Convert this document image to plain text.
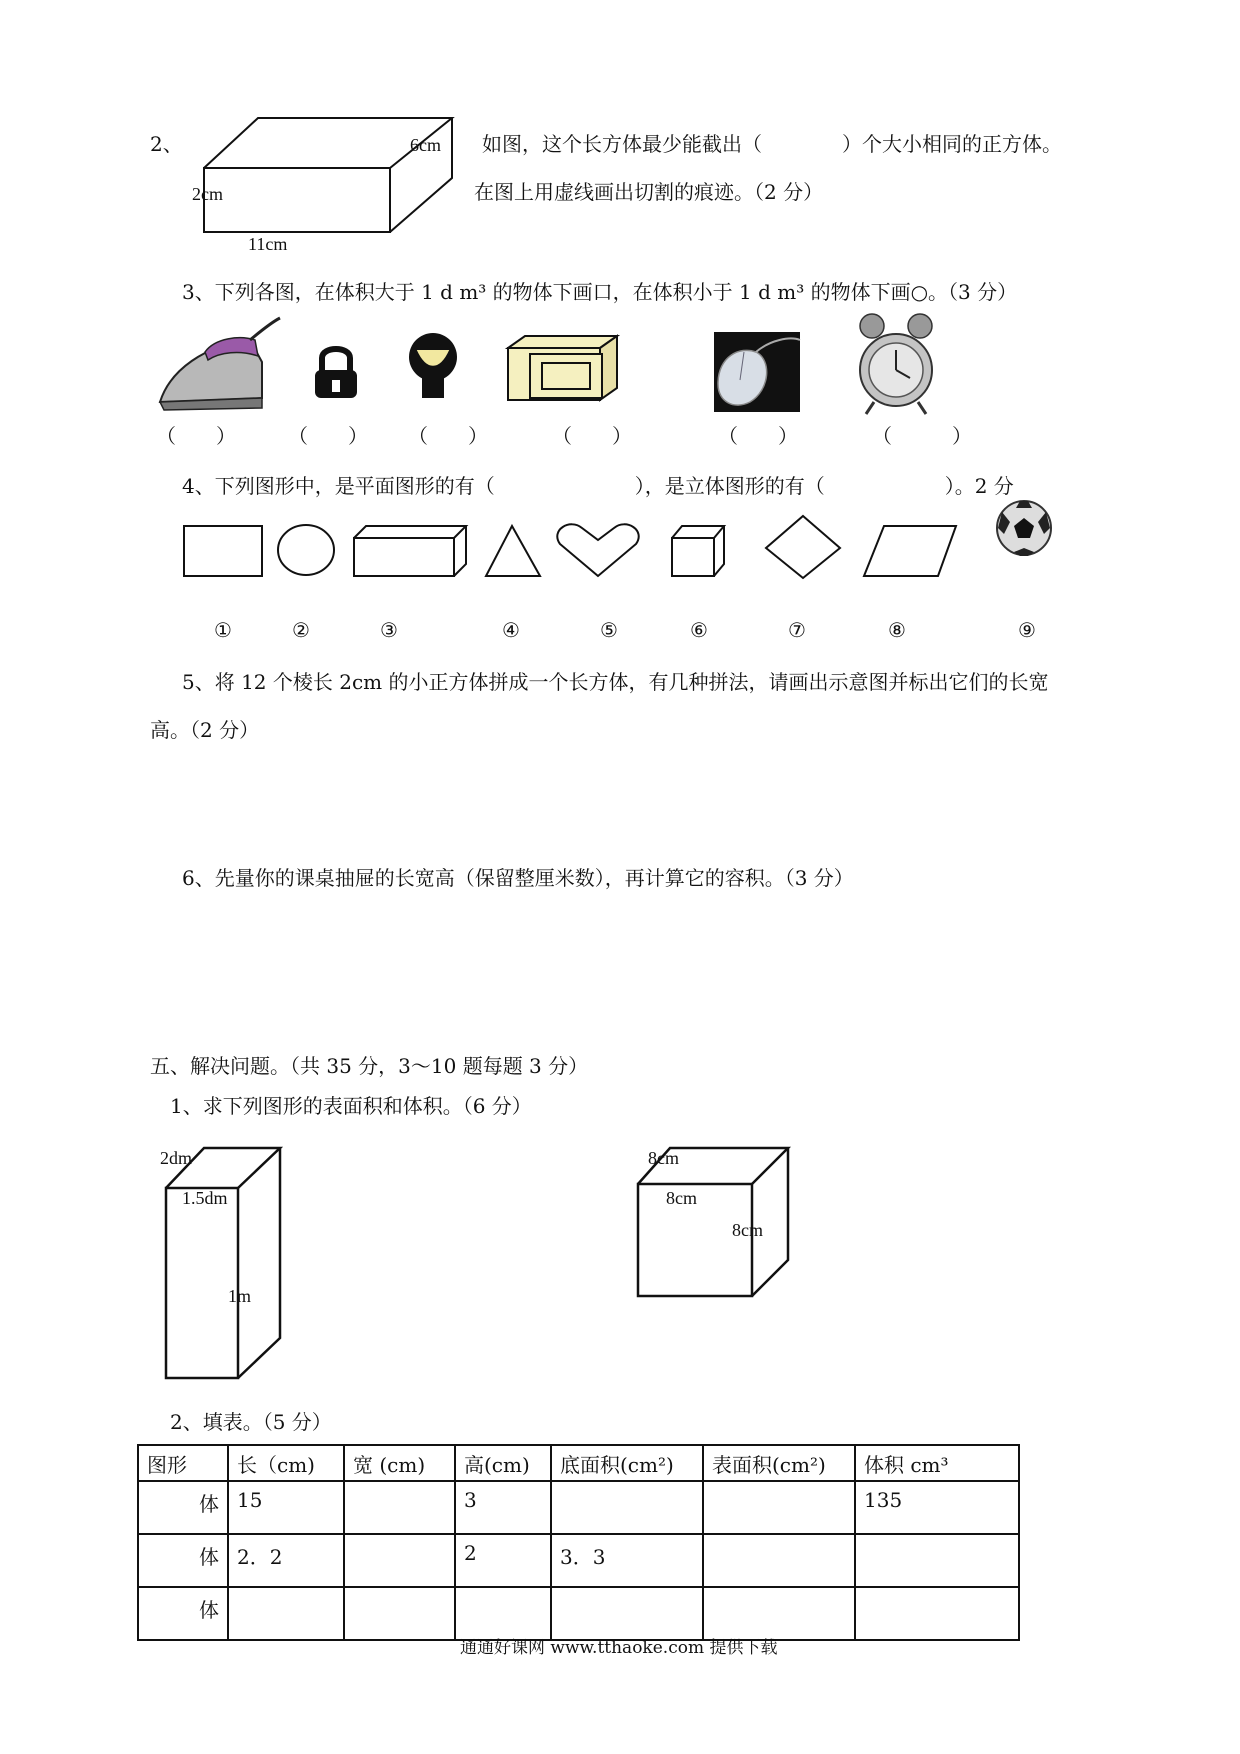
2、	6cm
2cm
11cm
如图，这个长方体最少能截出（　　　　）个大小相同的正方体。
在图上用虚线画出切割的痕迹。（2 分）
3、下列各图，在体积大于 1 d m³ 的物体下画口，在体积小于 1 d m³ 的物体下画○。（3 分）
（　　）	（　　） （　　）	（　　）	（　　）	（　　　）
4、下列图形中，是平面图形的有（　　　　　　　），是立体图形的有（　　　　　　）。2 分
①	②	③	④	⑤	⑥	⑦	⑧	⑨
5、将 12 个棱长 2cm 的小正方体拼成一个长方体，有几种拼法，请画出示意图并标出它们的长宽
高。（2 分）
6、先量你的课桌抽屉的长宽高（保留整厘米数），再计算它的容积。（3 分）
五、解决问题。（共 35 分，3～10 题每题 3 分）
1、求下列图形的表面积和体积。（6 分）
2dm
1.5dm
1m
8cm
8cm
8cm
2、填表。（5 分）
图形	长（cm)	宽 (cm)	高(cm)	底面积(cm²)	表面积(cm²)	体积 cm³
体	15		3			135
体	2．2		2	3．3		
体						
通通好课网 www.tthaoke.com 提供下载
